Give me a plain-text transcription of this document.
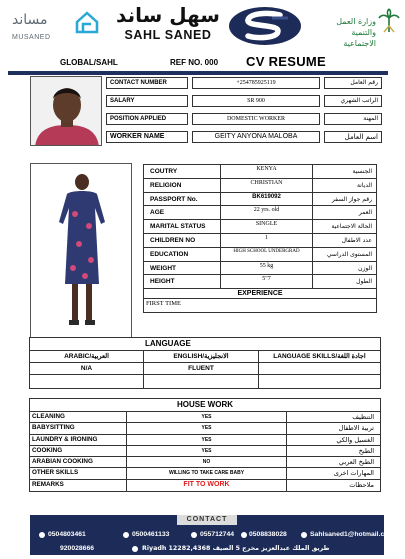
مساند
MUSANED
سهل ساند
SAHL SANED
وزارة العمل
والتنمية الاجتماعية
GLOBAL/SAHL	REF NO. 000 CV RESUME
CONTACT NUMBER	+254785925119	رقم العامل
SALARY	SR 900	الراتب الشهري
POSITION APPLIED	DOMESTIC WORKER	المهنة
WORKER NAME	GEITY ANYONA MALOBA	اسم العامل
COUTRY	KENYA	الجنسية
RELIGION	CHRISTIAN	الديانة
PASSPORT No.	BK619092	رقم جواز السفر
AGE	22 yrs. old	العمر
MARITAL STATUS	SINGLE	الحالة الاجتماعية
CHILDREN NO	1	عدد الاطفال
EDUCATION	HIGH SCHOOL UNDERGRAD	المستوى الدراسي
WEIGHT	55 kg	الوزن
HEIGHT	5"7	الطول
EXPERIENCE
FIRST TIME
LANGUAGE
ARABIC/العربية	ENGLISH/الانجليزية	LANGUAGE SKILLS/اجادة اللغة
N/A	FLUENT
HOUSE WORK
CLEANING	YES	التنظيف
BABYSITTING	YES	تربية الاطفال
LAUNDRY & IRONING	YES	الغسيل والكي
COOKING	YES	الطبخ
ARABIAN COOKING	NO	الطبخ العربي
OTHER SKILLS	WILLING TO TAKE CARE BABY	المهارات اخرى
REMARKS	FIT TO WORK	ملاحظات
CONTACT
0504803461	0500461133	055712744 0508838028	Sahlsaned1@hotmail.com
920028666	Riyadh 12282,4368 طريق الملك عبدالعزيز مخرج 5 الصيف
